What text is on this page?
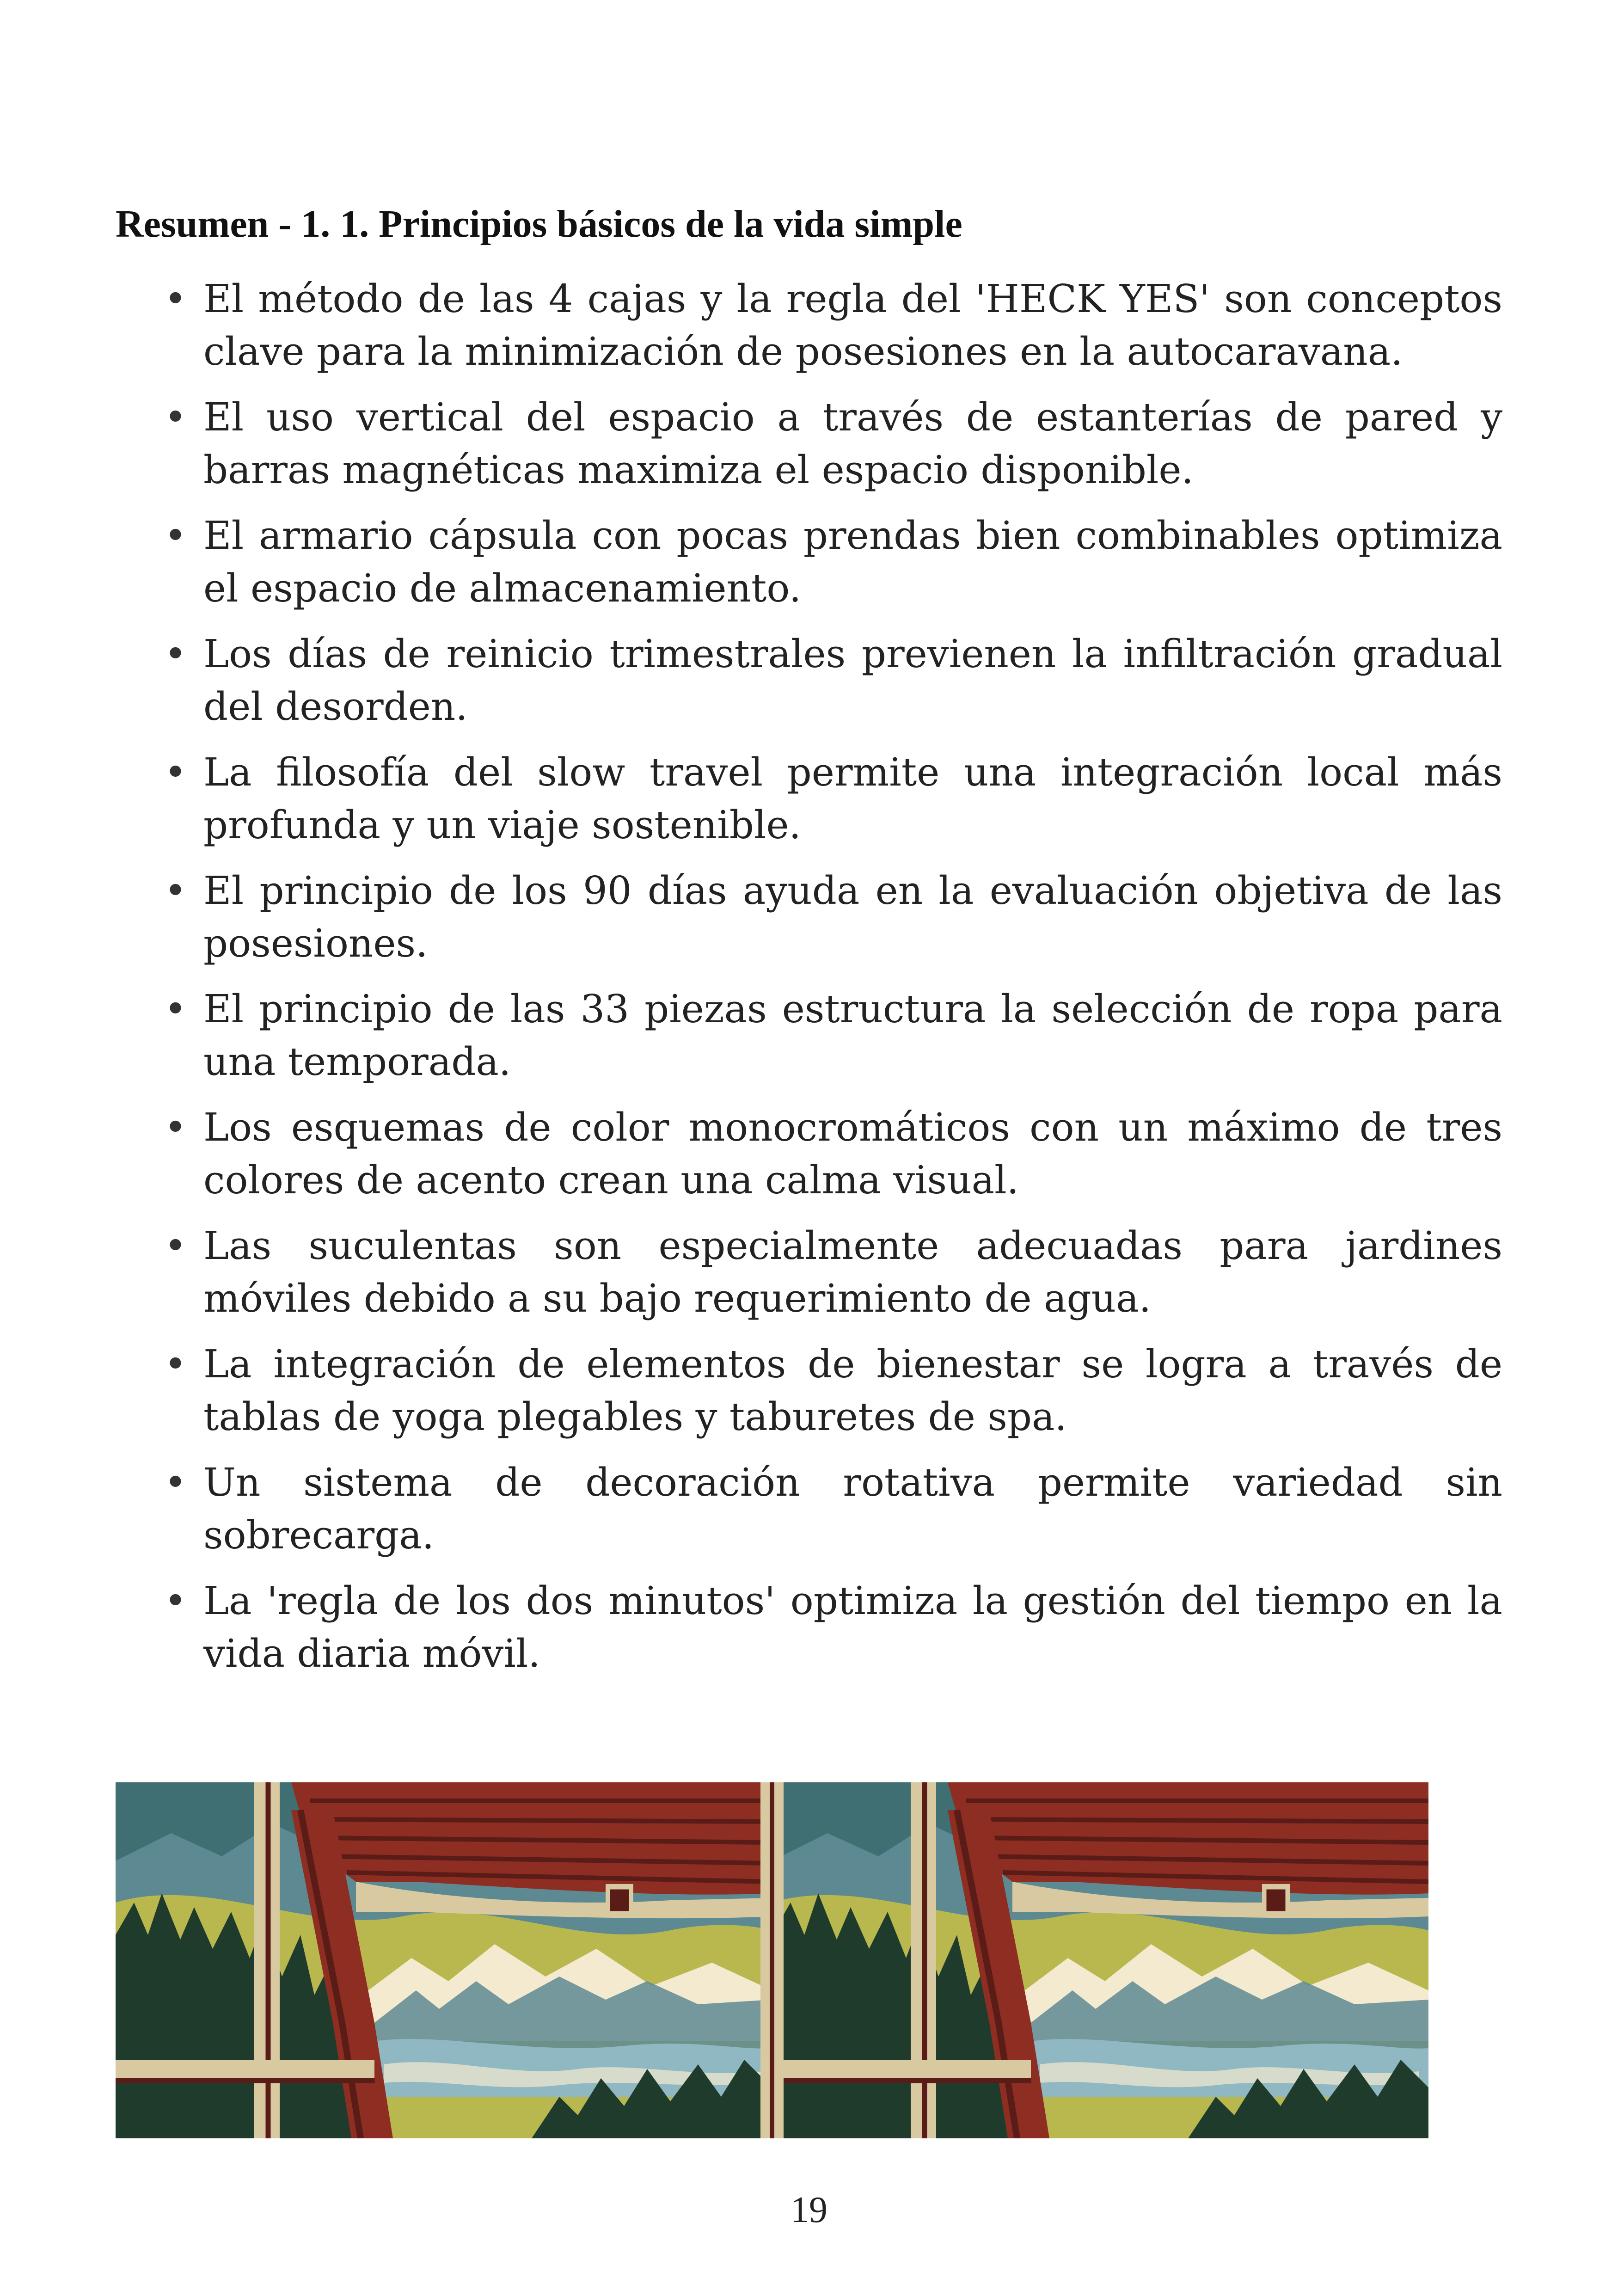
Resumen - 1. 1. Principios básicos de la vida simple
• El método de las 4 cajas y la regla del 'HECK YES' son conceptos clave para la minimización de posesiones en la autocaravana.
• El uso vertical del espacio a través de estanterías de pared y barras magnéticas maximiza el espacio disponible.
• El armario cápsula con pocas prendas bien combinables optimiza el espacio de almacenamiento.
• Los días de reinicio trimestrales previenen la infiltración gradual del desorden.
• La filosofía del slow travel permite una integración local más profunda y un viaje sostenible.
• El principio de los 90 días ayuda en la evaluación objetiva de las posesiones.
• El principio de las 33 piezas estructura la selección de ropa para una temporada.
• Los esquemas de color monocromáticos con un máximo de tres colores de acento crean una calma visual.
• Las suculentas son especialmente adecuadas para jardines móviles debido a su bajo requerimiento de agua.
• La integración de elementos de bienestar se logra a través de tablas de yoga plegables y taburetes de spa.
• Un sistema de decoración rotativa permite variedad sin sobrecarga.
• La 'regla de los dos minutos' optimiza la gestión del tiempo en la vida diaria móvil.
19
